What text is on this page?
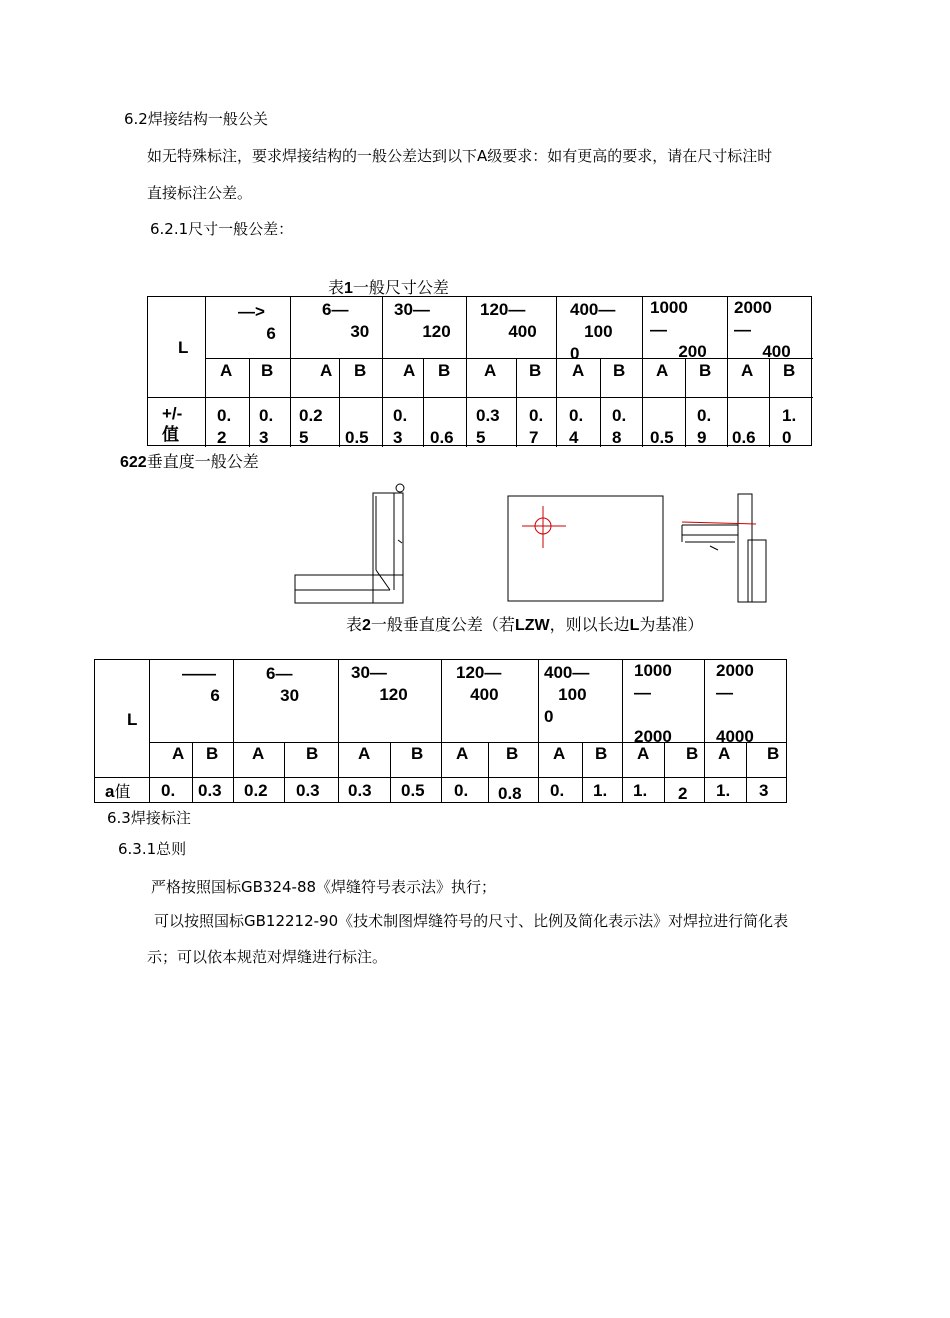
6.2焊接结构一般公关
如无特殊标注，要求焊接结构的一般公差达到以下A级要求：如有更高的要求，请在尺寸标注时
直接标注公差。
6.2.1尺寸一般公差：
表1一般尺寸公差
L
+/-
值
—>
6
6—
30
30—
120
120—
400
400—
100
0
1000
—
200
2000
—
400
A B	A B A B A B A B A B A B
0.
2
0.
3
0.2
5	0.5
0.
3 0.6
0.3
5
0.
7
0.
4
0.
8 0.5
0.
9 0.6
1.
0
622垂直度一般公差
表2一般垂直度公差（若LZW，则以长边L为基准）
L
a值
——
6
6—
30
30—
120
120—
400
400—
100
0
1000
—

2000
2000
—

4000
A B A B A B A B A B A B A B
0. 0.3 0.2 0.3 0.3 0.5 0. 0.8 0. 1. 1. 2 1. 3
6.3焊接标注
6.3.1总则
严格按照国标GB324-88《焊缝符号表示法》执行；
可以按照国标GB12212-90《技术制图焊缝符号的尺寸、比例及简化表示法》对焊拉进行简化表
示；可以依本规范对焊缝进行标注。
